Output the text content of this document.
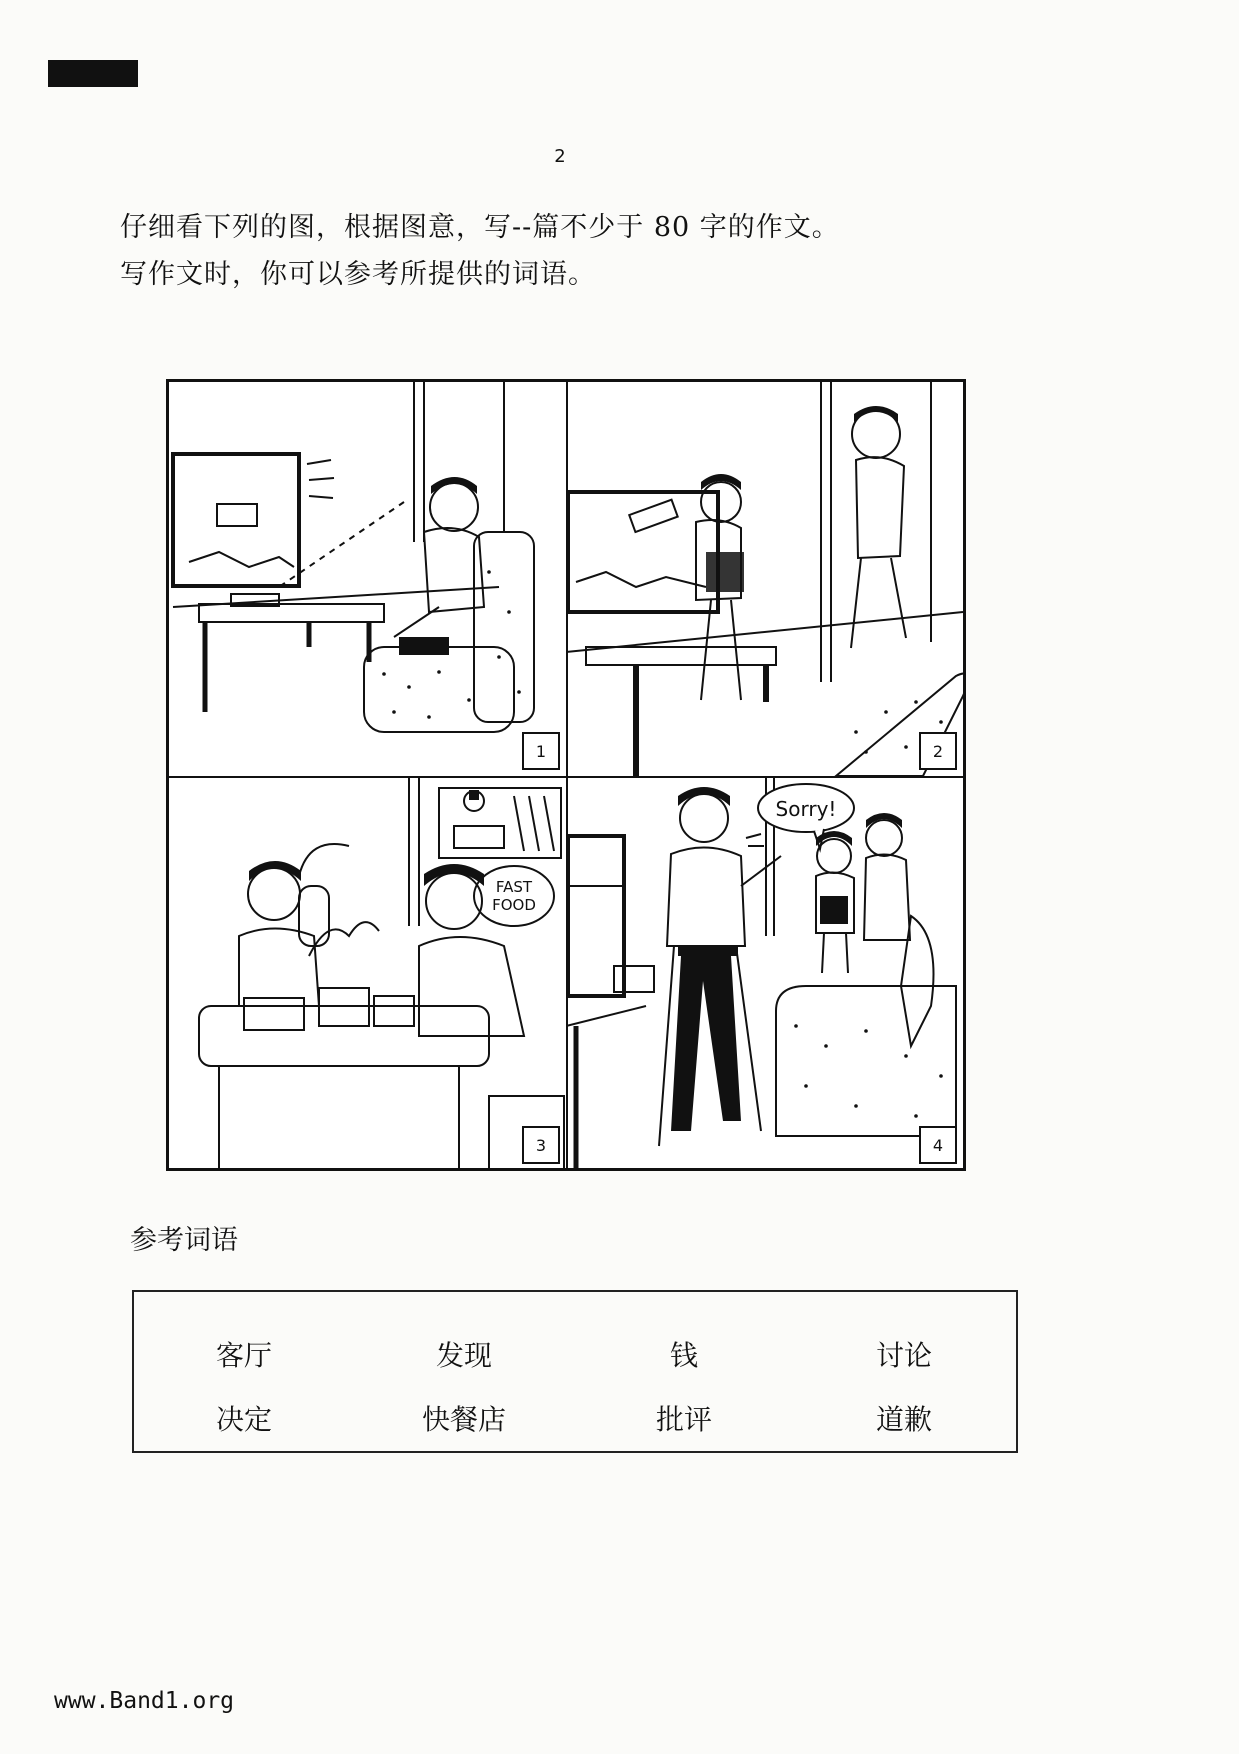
2
仔细看下列的图，根据图意，写--篇不少于 80 字的作文。
写作文时，你可以参考所提供的词语。
1	2
FAST
FOOD
3
Sorry!
4
参考词语
客厅	发现	钱	讨论
决定	快餐店	批评	道歉
www.Band1.org
